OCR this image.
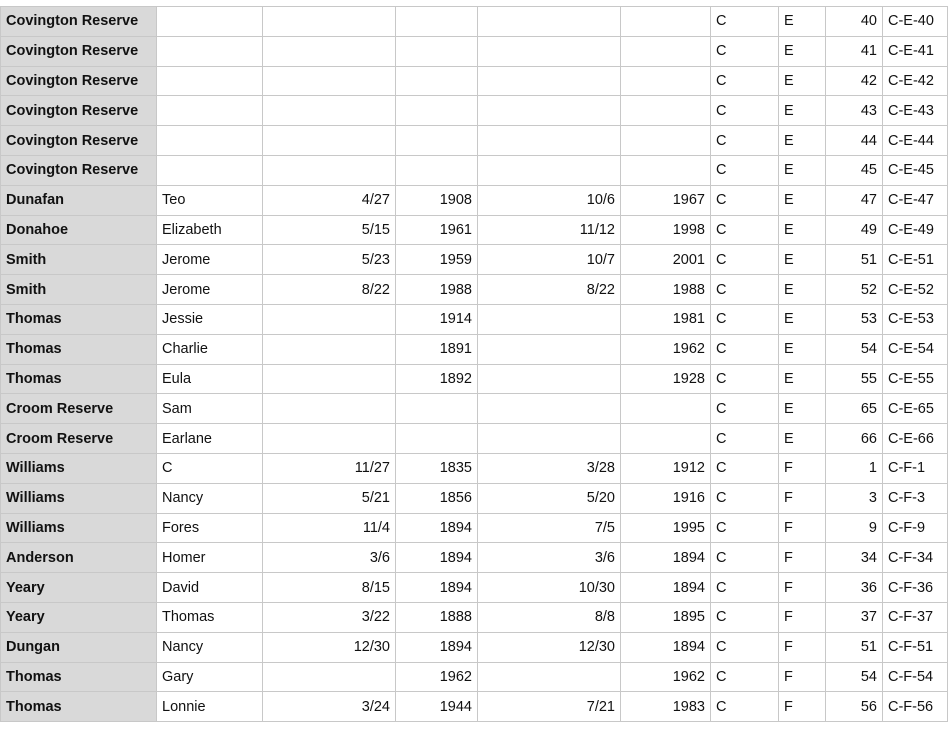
Covington Reserve						C	E	40	C-E-40
Covington Reserve						C	E	41	C-E-41
Covington Reserve						C	E	42	C-E-42
Covington Reserve						C	E	43	C-E-43
Covington Reserve						C	E	44	C-E-44
Covington Reserve						C	E	45	C-E-45
Dunafan	Teo	4/27	1908	10/6	1967	C	E	47	C-E-47
Donahoe	Elizabeth	5/15	1961	11/12	1998	C	E	49	C-E-49
Smith	Jerome	5/23	1959	10/7	2001	C	E	51	C-E-51
Smith	Jerome	8/22	1988	8/22	1988	C	E	52	C-E-52
Thomas	Jessie		1914		1981	C	E	53	C-E-53
Thomas	Charlie		1891		1962	C	E	54	C-E-54
Thomas	Eula		1892		1928	C	E	55	C-E-55
Croom Reserve	Sam					C	E	65	C-E-65
Croom Reserve	Earlane					C	E	66	C-E-66
Williams	C	11/27	1835	3/28	1912	C	F	1	C-F-1
Williams	Nancy	5/21	1856	5/20	1916	C	F	3	C-F-3
Williams	Fores	11/4	1894	7/5	1995	C	F	9	C-F-9
Anderson	Homer	3/6	1894	3/6	1894	C	F	34	C-F-34
Yeary	David	8/15	1894	10/30	1894	C	F	36	C-F-36
Yeary	Thomas	3/22	1888	8/8	1895	C	F	37	C-F-37
Dungan	Nancy	12/30	1894	12/30	1894	C	F	51	C-F-51
Thomas	Gary		1962		1962	C	F	54	C-F-54
Thomas	Lonnie	3/24	1944	7/21	1983	C	F	56	C-F-56
